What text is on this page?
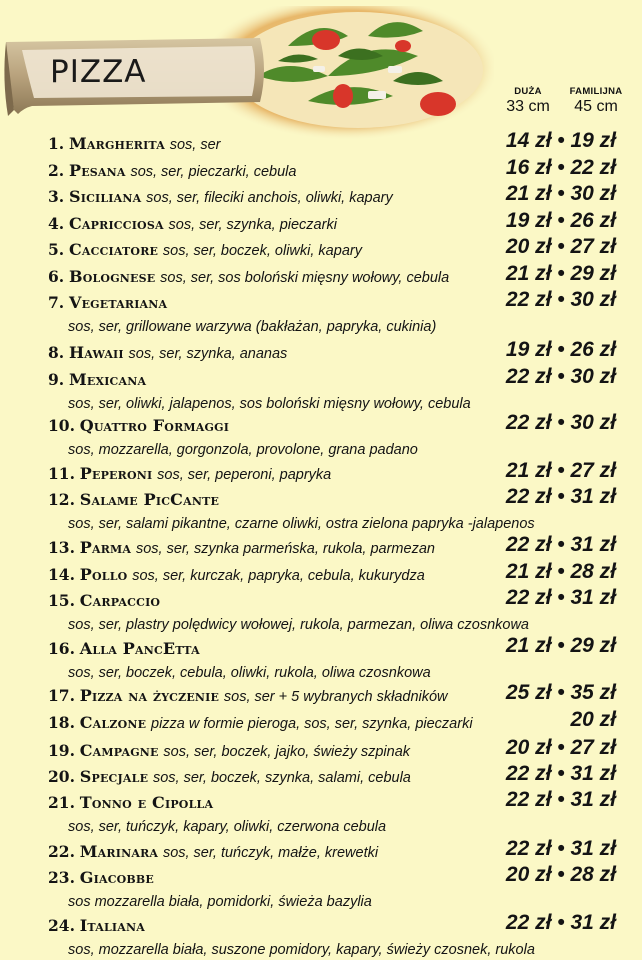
PIZZA
DUŻA
33 cm
FAMILIJNA
45 cm
1. Margherita sos, ser	14 zł • 19 zł
2. Pesana sos, ser, pieczarki, cebula	16 zł • 22 zł
3. Siciliana sos, ser, fileciki anchois, oliwki, kapary	21 zł • 30 zł
4. Capricciosa sos, ser, szynka, pieczarki	19 zł • 26 zł
5. Cacciatore sos, ser, boczek, oliwki, kapary	20 zł • 27 zł
6. Bolognese sos, ser, sos boloński mięsny wołowy, cebula	21 zł • 29 zł
7. Vegetariana
sos, ser, grillowane warzywa (bakłażan, papryka, cukinia)
22 zł • 30 zł
8. Hawaii sos, ser, szynka, ananas	19 zł • 26 zł
9. Mexicana
sos, ser, oliwki, jalapenos, sos boloński mięsny wołowy, cebula
22 zł • 30 zł
10. Quattro Formaggi
sos, mozzarella, gorgonzola, provolone, grana padano
22 zł • 30 zł
11. Peperoni sos, ser, peperoni, papryka	21 zł • 27 zł
12. Salame PicCante
sos, ser, salami pikantne, czarne oliwki, ostra zielona papryka -jalapenos
22 zł • 31 zł
13. Parma sos, ser, szynka parmeńska, rukola, parmezan	22 zł • 31 zł
14. Pollo sos, ser, kurczak, papryka, cebula, kukurydza	21 zł • 28 zł
15. Carpaccio
sos, ser, plastry polędwicy wołowej, rukola, parmezan, oliwa czosnkowa
22 zł • 31 zł
16. Alla PancEtta
sos, ser, boczek, cebula, oliwki, rukola, oliwa czosnkowa
21 zł • 29 zł
17. Pizza na życzenie sos, ser + 5 wybranych składników	25 zł • 35 zł
18. Calzone pizza w formie pieroga, sos, ser, szynka, pieczarki	20 zł
19. Campagne sos, ser, boczek, jajko, świeży szpinak	20 zł • 27 zł
20. Specjale sos, ser, boczek, szynka, salami, cebula	22 zł • 31 zł
21. Tonno e Cipolla
sos, ser, tuńczyk, kapary, oliwki, czerwona cebula
22 zł • 31 zł
22. Marinara sos, ser, tuńczyk, małże, krewetki	22 zł • 31 zł
23. Giacobbe
sos mozzarella biała, pomidorki, świeża bazylia
20 zł • 28 zł
24. Italiana
sos, mozzarella biała, suszone pomidory, kapary, świeży czosnek, rukola
22 zł • 31 zł
